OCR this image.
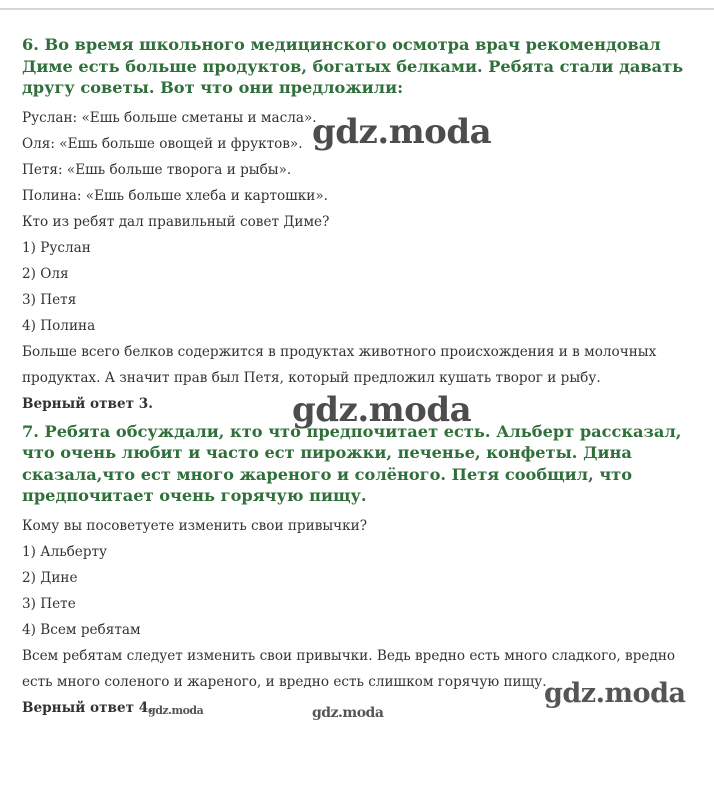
6. Во время школьного медицинского осмотра врач рекомендовал Диме есть больше продуктов, богатых белками. Ребята стали давать другу советы. Вот что они предложили:

Руслан: «Ешь больше сметаны и масла».

Оля: «Ешь больше овощей и фруктов».

Петя: «Ешь больше творога и рыбы».

Полина: «Ешь больше хлеба и картошки».

Кто из ребят дал правильный совет Диме?

1) Руслан

2) Оля

3) Петя

4) Полина

Больше всего белков содержится в продуктах животного происхождения и в молочных продуктах. А значит прав был Петя, который предложил кушать творог и рыбу.

Верный ответ 3.

7. Ребята обсуждали, кто что предпочитает есть. Альберт рассказал, что очень любит и часто ест пирожки, печенье, конфеты. Дина сказала,что ест много жареного и солёного. Петя сообщил, что предпочитает очень горячую пищу.

Кому вы посоветуете изменить свои привычки?

1) Альберту

2) Дине

3) Пете

4) Всем ребятам

Всем ребятам следует изменить свои привычки. Ведь вредно есть много сладкого, вредно есть много соленого и жареного, и вредно есть слишком горячую пищу.

Верный ответ 4.

gdz.moda
gdz.moda
gdz.moda
gdz.moda
gdz.moda
